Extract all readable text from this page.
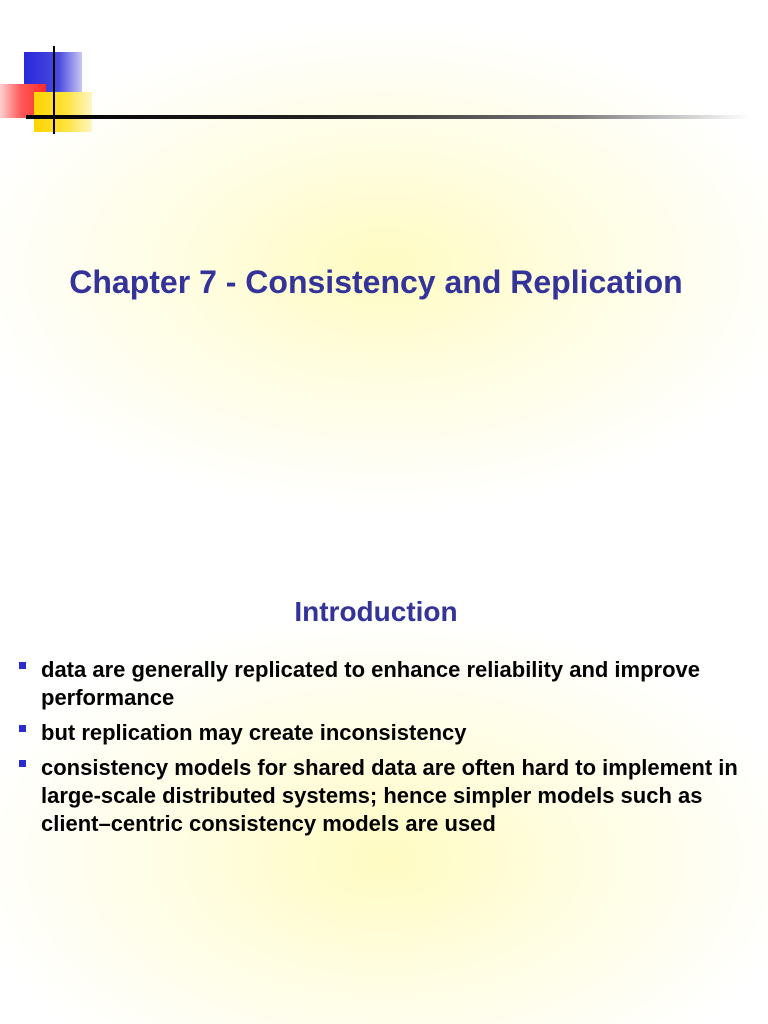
Chapter 7 - Consistency and Replication
Introduction
data are generally replicated to enhance reliability and improve performance
but replication may create inconsistency
consistency models for shared data are often hard to implement in large-scale distributed systems; hence simpler models such as client–centric consistency models are used
